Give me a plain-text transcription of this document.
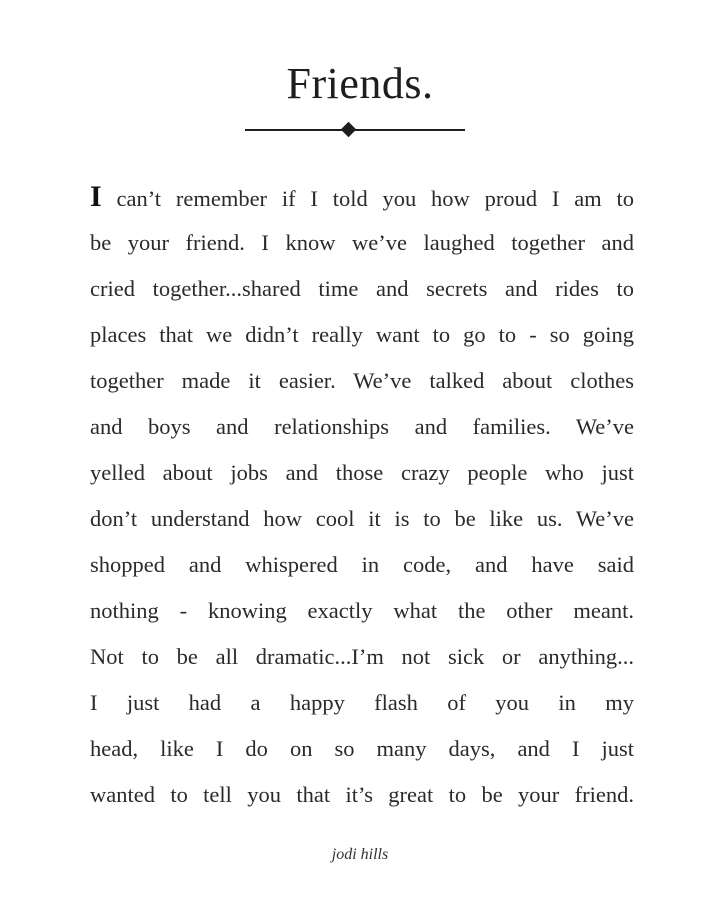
Friends.
I can’t remember if I told you how proud I am to
be your friend. I know we’ve laughed together and
cried together...shared time and secrets and rides to
places that we didn’t really want to go to - so going
together made it easier. We’ve talked about clothes
and boys and relationships and families. We’ve
yelled about jobs and those crazy people who just
don’t understand how cool it is to be like us. We’ve
shopped and whispered in code, and have said
nothing - knowing exactly what the other meant.
Not to be all dramatic...I’m not sick or anything...
I just had a happy flash of you in my
head, like I do on so many days, and I just
wanted to tell you that it’s great to be your friend.
jodi hills
